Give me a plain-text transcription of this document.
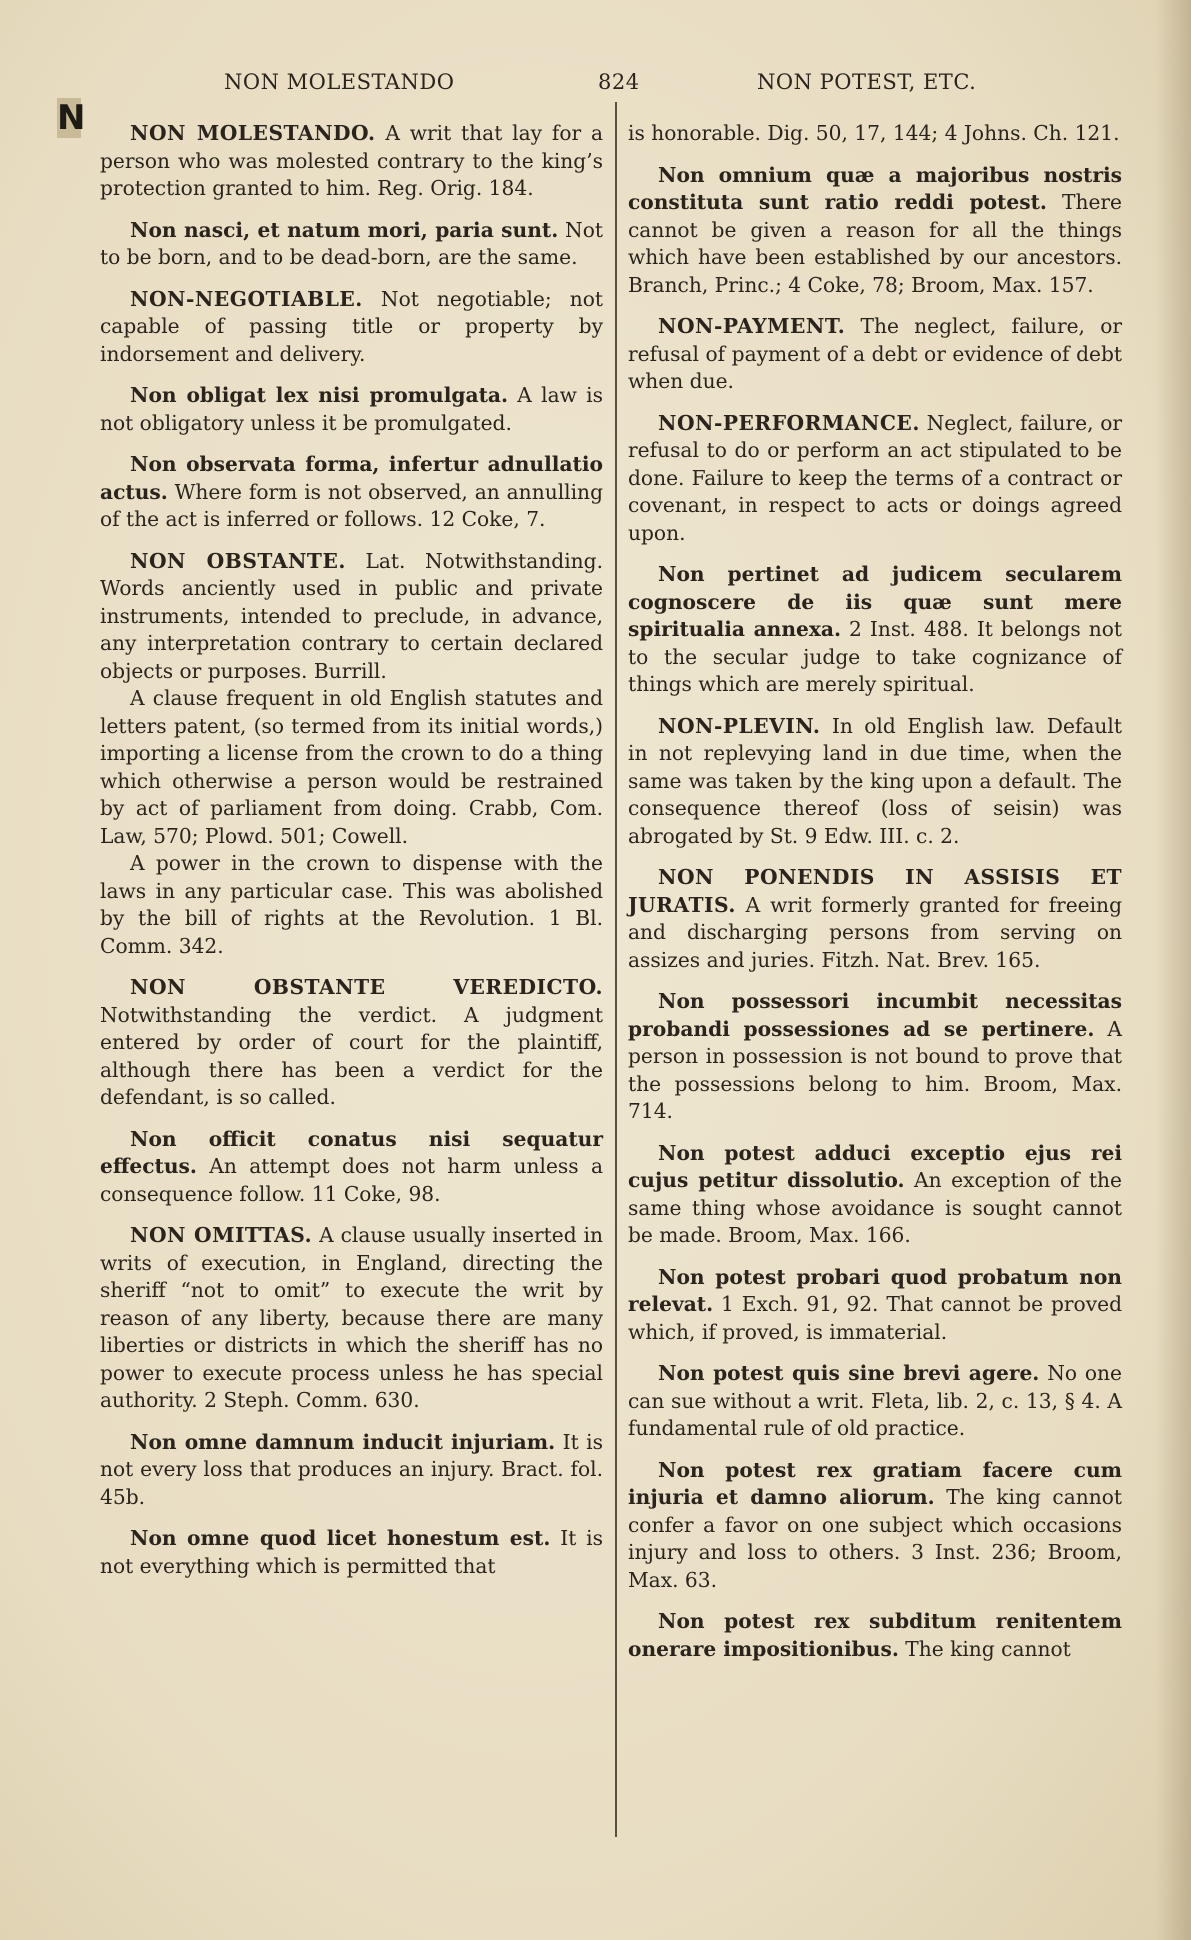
NON MOLESTANDO	824	NON POTEST, ETC.
N	NON MOLESTANDO. A writ that lay for a person who was molested contrary to the king’s protection granted to him. Reg. Orig. 184.

Non nasci, et natum mori, paria sunt. Not to be born, and to be dead-born, are the same.

NON-NEGOTIABLE. Not negotiable; not capable of passing title or property by indorsement and delivery.

Non obligat lex nisi promulgata. A law is not obligatory unless it be promulgated.

Non observata forma, infertur adnullatio actus. Where form is not observed, an annulling of the act is inferred or follows. 12 Coke, 7.

NON OBSTANTE. Lat. Notwithstanding. Words anciently used in public and private instruments, intended to preclude, in advance, any interpretation contrary to certain declared objects or purposes. Burrill.

A clause frequent in old English statutes and letters patent, (so termed from its initial words,) importing a license from the crown to do a thing which otherwise a person would be restrained by act of parliament from doing. Crabb, Com. Law, 570; Plowd. 501; Cowell.

A power in the crown to dispense with the laws in any particular case. This was abolished by the bill of rights at the Revolution. 1 Bl. Comm. 342.

NON OBSTANTE VEREDICTO. Notwithstanding the verdict. A judgment entered by order of court for the plaintiff, although there has been a verdict for the defendant, is so called.

Non officit conatus nisi sequatur effectus. An attempt does not harm unless a consequence follow. 11 Coke, 98.

NON OMITTAS. A clause usually inserted in writs of execution, in England, directing the sheriff “not to omit” to execute the writ by reason of any liberty, because there are many liberties or districts in which the sheriff has no power to execute process unless he has special authority. 2 Steph. Comm. 630.

Non omne damnum inducit injuriam. It is not every loss that produces an injury. Bract. fol. 45b.

Non omne quod licet honestum est. It is not everything which is permitted that

is honorable. Dig. 50, 17, 144; 4 Johns. Ch. 121.

Non omnium quæ a majoribus nostris constituta sunt ratio reddi potest. There cannot be given a reason for all the things which have been established by our ancestors. Branch, Princ.; 4 Coke, 78; Broom, Max. 157.

NON-PAYMENT. The neglect, failure, or refusal of payment of a debt or evidence of debt when due.

NON-PERFORMANCE. Neglect, failure, or refusal to do or perform an act stipulated to be done. Failure to keep the terms of a contract or covenant, in respect to acts or doings agreed upon.

Non pertinet ad judicem secularem cognoscere de iis quæ sunt mere spiritualia annexa. 2 Inst. 488. It belongs not to the secular judge to take cognizance of things which are merely spiritual.

NON-PLEVIN. In old English law. Default in not replevying land in due time, when the same was taken by the king upon a default. The consequence thereof (loss of seisin) was abrogated by St. 9 Edw. III. c. 2.

NON PONENDIS IN ASSISIS ET JURATIS. A writ formerly granted for freeing and discharging persons from serving on assizes and juries. Fitzh. Nat. Brev. 165.

Non possessori incumbit necessitas probandi possessiones ad se pertinere. A person in possession is not bound to prove that the possessions belong to him. Broom, Max. 714.

Non potest adduci exceptio ejus rei cujus petitur dissolutio. An exception of the same thing whose avoidance is sought cannot be made. Broom, Max. 166.

Non potest probari quod probatum non relevat. 1 Exch. 91, 92. That cannot be proved which, if proved, is immaterial.

Non potest quis sine brevi agere. No one can sue without a writ. Fleta, lib. 2, c. 13, § 4. A fundamental rule of old practice.

Non potest rex gratiam facere cum injuria et damno aliorum. The king cannot confer a favor on one subject which occasions injury and loss to others. 3 Inst. 236; Broom, Max. 63.

Non potest rex subditum renitentem onerare impositionibus. The king cannot
